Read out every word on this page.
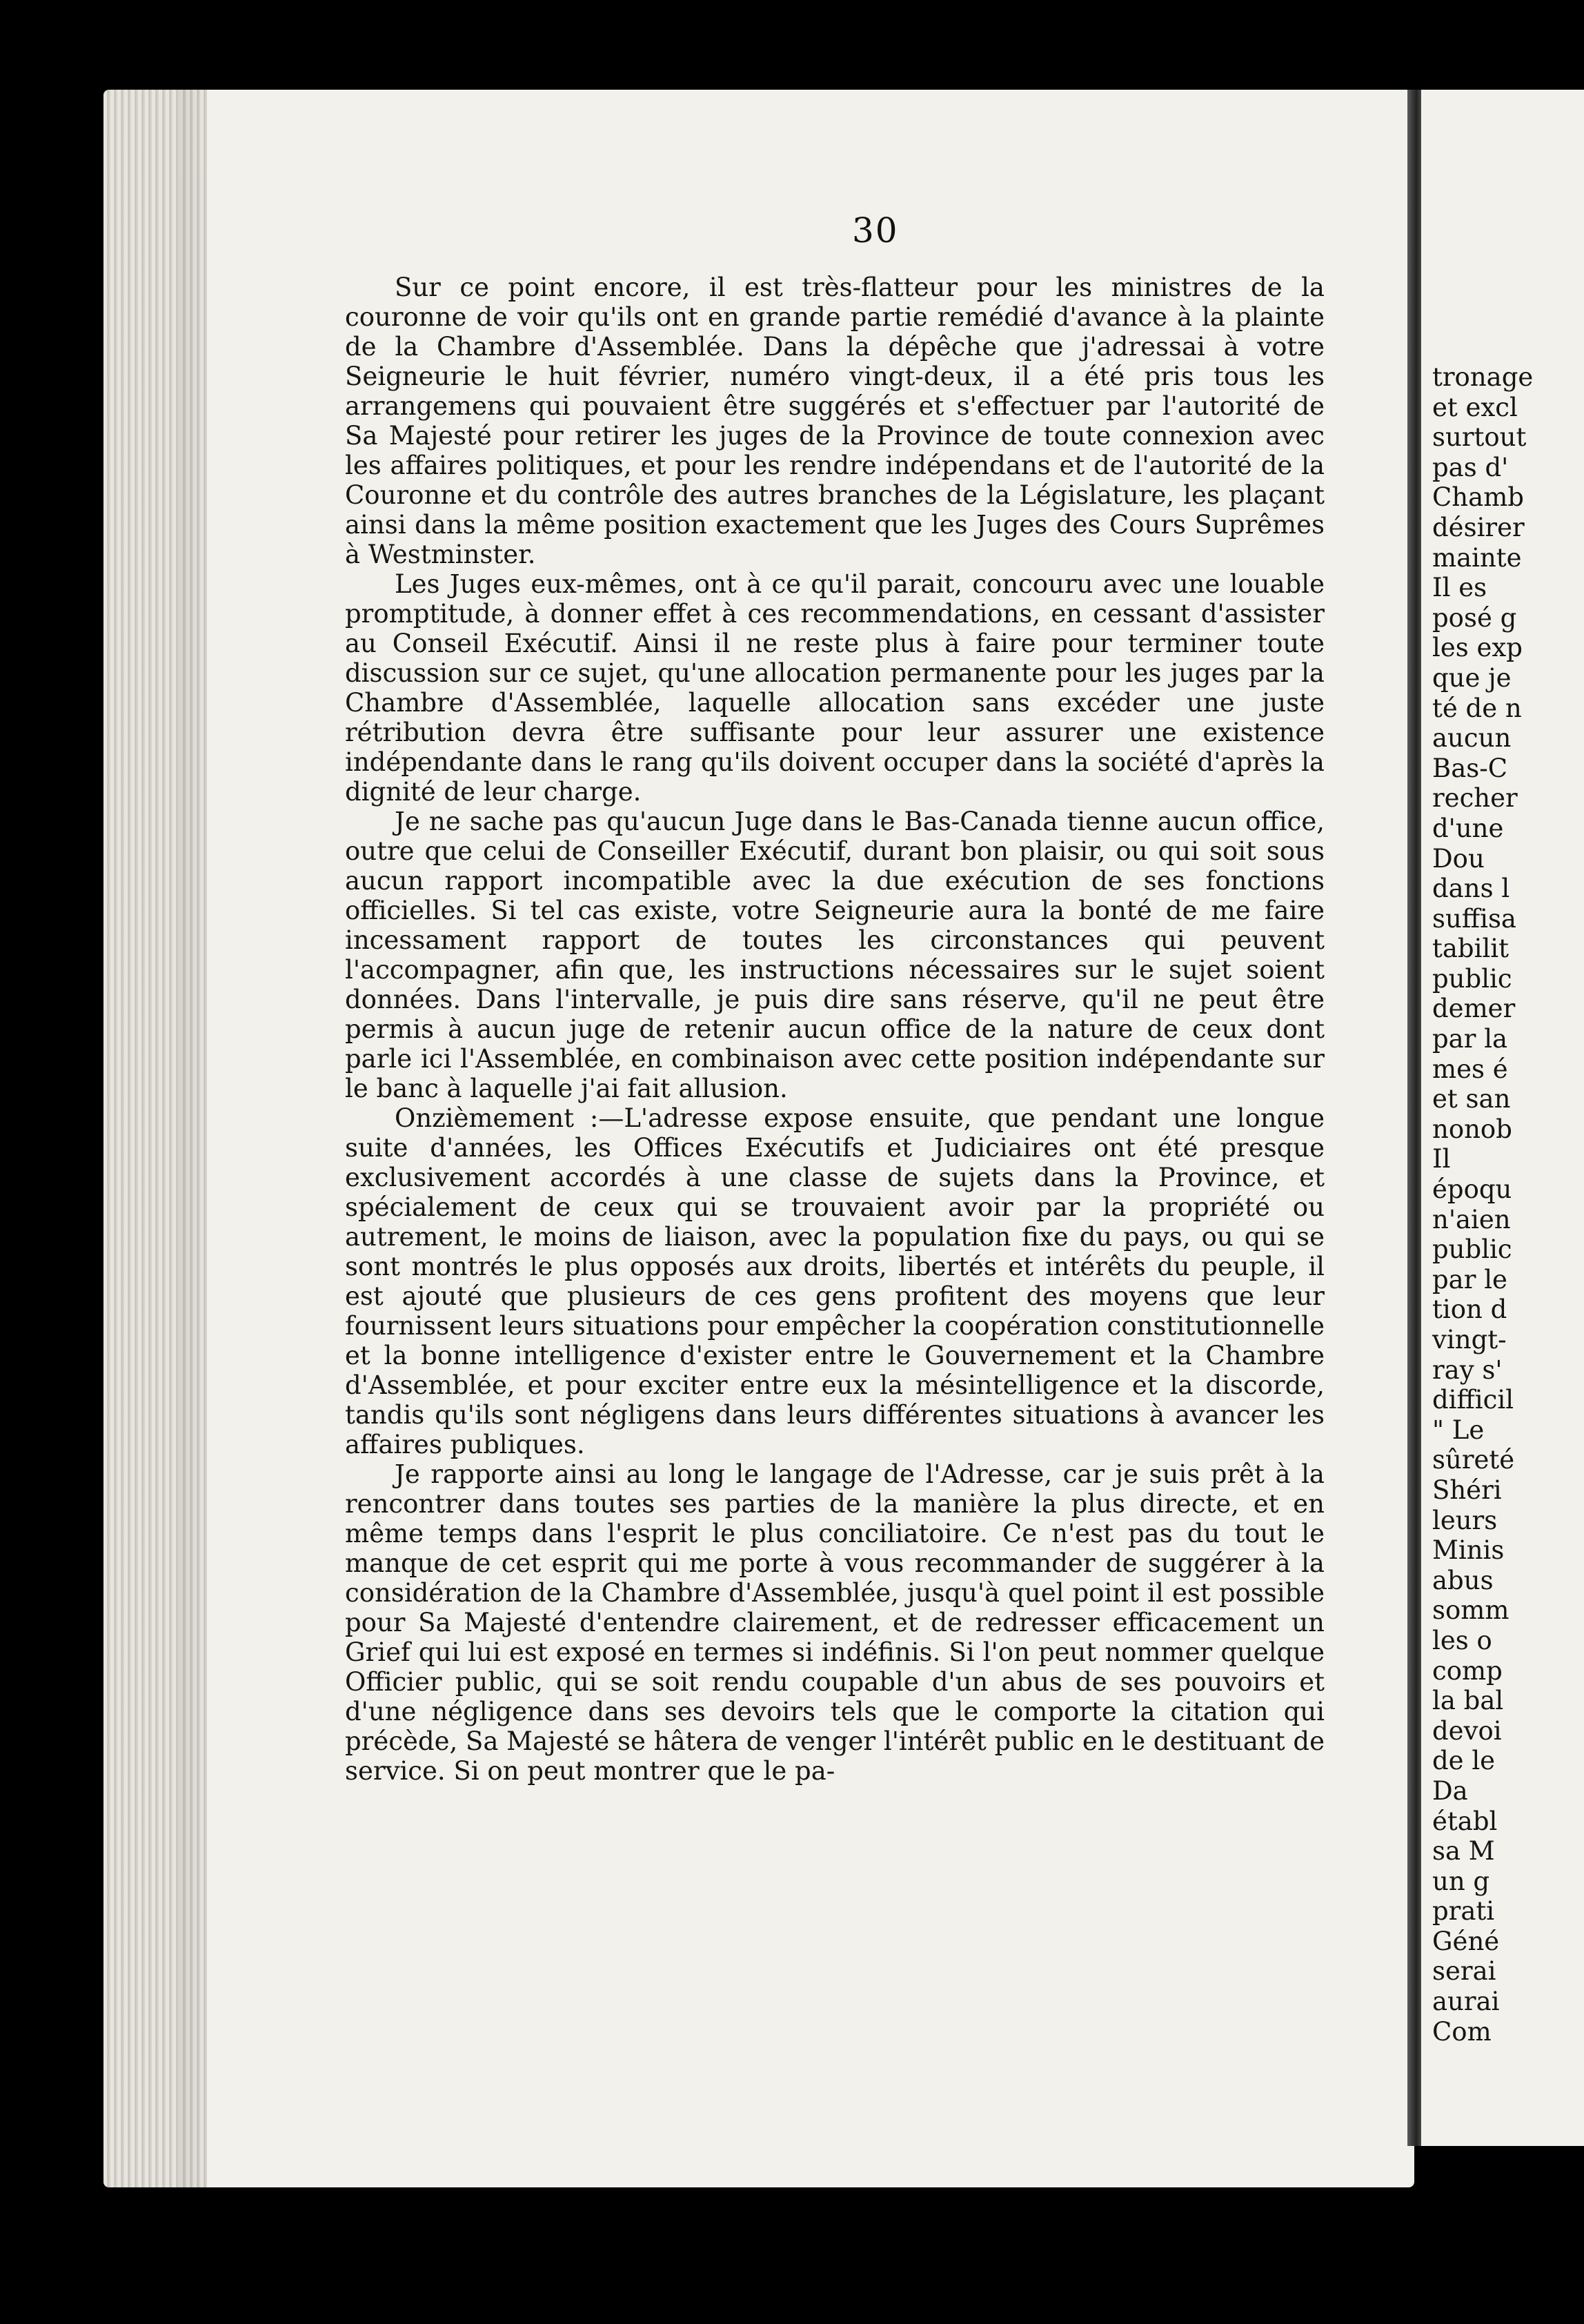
tronage
et excl
surtout
pas d'
Chamb
désirer
mainte
Il es
posé g
les exp
que je
té de n
aucun
Bas-C
recher
d'une
Dou
dans l
suffisa
tabilit
public
demer
par la
mes é
et san
nonob
Il
époqu
n'aien
public
par le
tion d
vingt-
ray s'
difficil
" Le
sûreté
Shéri
leurs
Minis
abus
somm
les o
comp
la bal
devoi
de le
Da
établ
sa M
un g
prati
Géné
serai
aurai
Com
30

Sur ce point encore, il est très-flatteur pour les ministres de la couronne de voir qu'ils ont en grande partie remédié d'avance à la plainte de la Chambre d'Assemblée. Dans la dépêche que j'adressai à votre Seigneurie le huit février, numéro vingt-deux, il a été pris tous les arrangemens qui pouvaient être suggérés et s'effectuer par l'autorité de Sa Majesté pour retirer les juges de la Province de toute connexion avec les affaires politiques, et pour les rendre indépendans et de l'autorité de la Couronne et du contrôle des autres branches de la Législature, les plaçant ainsi dans la même position exactement que les Juges des Cours Suprêmes à Westminster.

Les Juges eux-mêmes, ont à ce qu'il parait, concouru avec une louable promptitude, à donner effet à ces recommendations, en cessant d'assister au Conseil Exécutif. Ainsi il ne reste plus à faire pour terminer toute discussion sur ce sujet, qu'une allocation permanente pour les juges par la Chambre d'Assemblée, laquelle allocation sans excéder une juste rétribution devra être suffisante pour leur assurer une existence indépendante dans le rang qu'ils doivent occuper dans la société d'après la dignité de leur charge.

Je ne sache pas qu'aucun Juge dans le Bas-Canada tienne aucun office, outre que celui de Conseiller Exécutif, durant bon plaisir, ou qui soit sous aucun rapport incompatible avec la due exécution de ses fonctions officielles. Si tel cas existe, votre Seigneurie aura la bonté de me faire incessament rapport de toutes les circonstances qui peuvent l'accompagner, afin que, les instructions nécessaires sur le sujet soient données. Dans l'intervalle, je puis dire sans réserve, qu'il ne peut être permis à aucun juge de retenir aucun office de la nature de ceux dont parle ici l'Assemblée, en combinaison avec cette position indépendante sur le banc à laquelle j'ai fait allusion.

Onzièmement :—L'adresse expose ensuite, que pendant une longue suite d'années, les Offices Exécutifs et Judiciaires ont été presque exclusivement accordés à une classe de sujets dans la Province, et spécialement de ceux qui se trouvaient avoir par la propriété ou autrement, le moins de liaison, avec la population fixe du pays, ou qui se sont montrés le plus opposés aux droits, libertés et intérêts du peuple, il est ajouté que plusieurs de ces gens profitent des moyens que leur fournissent leurs situations pour empêcher la coopération constitutionnelle et la bonne intelligence d'exister entre le Gouvernement et la Chambre d'Assemblée, et pour exciter entre eux la mésintelligence et la discorde, tandis qu'ils sont négligens dans leurs différentes situations à avancer les affaires publiques.

Je rapporte ainsi au long le langage de l'Adresse, car je suis prêt à la rencontrer dans toutes ses parties de la manière la plus directe, et en même temps dans l'esprit le plus conciliatoire. Ce n'est pas du tout le manque de cet esprit qui me porte à vous recommander de suggérer à la considération de la Chambre d'Assemblée, jusqu'à quel point il est possible pour Sa Majesté d'entendre clairement, et de redresser efficacement un Grief qui lui est exposé en termes si indéfinis. Si l'on peut nommer quelque Officier public, qui se soit rendu coupable d'un abus de ses pouvoirs et d'une négligence dans ses devoirs tels que le comporte la citation qui précède, Sa Majesté se hâtera de venger l'intérêt public en le destituant de service. Si on peut montrer que le pa-
